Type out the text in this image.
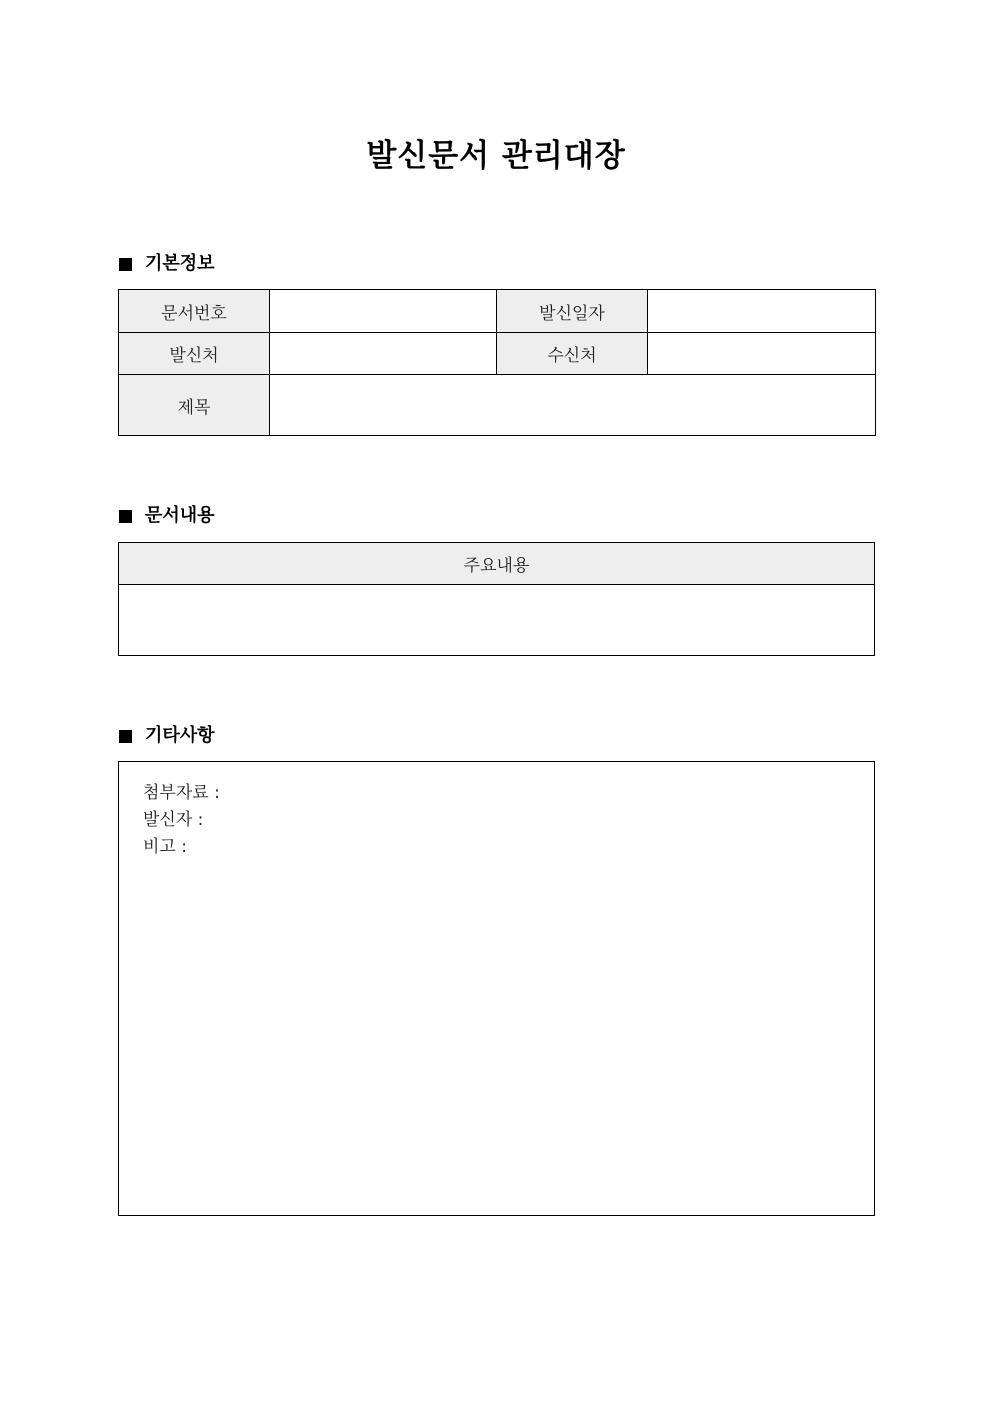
발신문서 관리대장
기본정보
문서번호		발신일자	
발신처		수신처	
제목			
문서내용
주요내용

기타사항
첨부자료 :
발신자 :
비고 :
